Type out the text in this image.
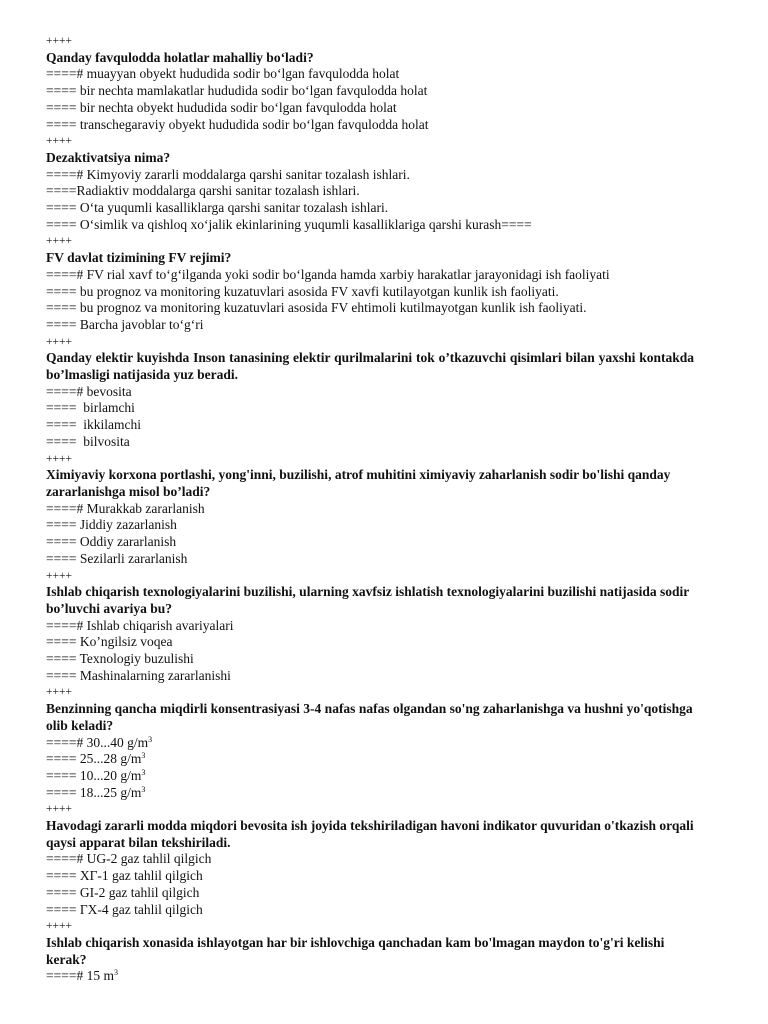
++++
Qanday favqulodda holatlar mahalliy bo‘ladi?
====# muayyan obyekt hududida sodir bo‘lgan favqulodda holat
==== bir nechta mamlakatlar hududida sodir bo‘lgan favqulodda holat
==== bir nechta obyekt hududida sodir bo‘lgan favqulodda holat
==== transchegaraviy obyekt hududida sodir bo‘lgan favqulodda holat
++++
Dezaktivatsiya nima?
====# Kimyoviy zararli moddalarga qarshi sanitar tozalash ishlari.
====Radiaktiv moddalarga qarshi sanitar tozalash ishlari.
==== O‘ta yuqumli kasalliklarga qarshi sanitar tozalash ishlari.
==== O‘simlik va qishloq xo‘jalik ekinlarining yuqumli kasalliklariga qarshi kurash====
++++
FV davlat tizimining FV rejimi?
====# FV rial xavf to‘g‘ilganda yoki sodir bo‘lganda hamda xarbiy harakatlar jarayonidagi ish faoliyati
==== bu prognoz va monitoring kuzatuvlari asosida FV xavfi kutilayotgan kunlik ish faoliyati.
==== bu prognoz va monitoring kuzatuvlari asosida FV ehtimoli kutilmayotgan kunlik ish faoliyati.
==== Barcha javoblar to‘g‘ri
++++
Qanday elektir kuyishda Inson tanasining elektir qurilmalarini tok o’tkazuvchi qisimlari bilan yaxshi kontakda bo’lmasligi natijasida yuz beradi.
====# bevosita
====  birlamchi
====  ikkilamchi
====  bilvosita
++++
Ximiyaviy korxona portlashi, yong'inni, buzilishi, atrof muhitini ximiyaviy zaharlanish sodir bo'lishi qanday zararlanishga misol bo’ladi?
====# Murakkab zararlanish
==== Jiddiy zazarlanish
==== Oddiy zararlanish
==== Sezilarli zararlanish
++++
Ishlab chiqarish texnologiyalarini buzilishi, ularning xavfsiz ishlatish texnologiyalarini buzilishi natijasida sodir bo’luvchi avariya bu?
====# Ishlab chiqarish avariyalari
==== Ko’ngilsiz voqea
==== Texnologiy buzulishi
==== Mashinalarning zararlanishi
++++
Benzinning qancha miqdirli konsentrasiyasi 3-4 nafas nafas olgandan so'ng zaharlanishga va hushni yo'qotishga olib keladi?
====# 30...40 $g/m^3$
==== 25...28 $g/m^3$
==== 10...20 $g/m^3$
==== 18...25 $g/m^3$
++++
Havodagi zararli modda miqdori bevosita ish joyida tekshiriladigan havoni indikator quvuridan o'tkazish orqali qaysi apparat bilan tekshiriladi.
====# UG-2 gaz tahlil qilgich
==== XΓ-1 gaz tahlil qilgich
==== GI-2 gaz tahlil qilgich
==== ΓX-4 gaz tahlil qilgich
++++
Ishlab chiqarish xonasida ishlayotgan har bir ishlovchiga qanchadan kam bo'lmagan maydon to'g'ri kelishi kerak?
====# 15 $m^3$
